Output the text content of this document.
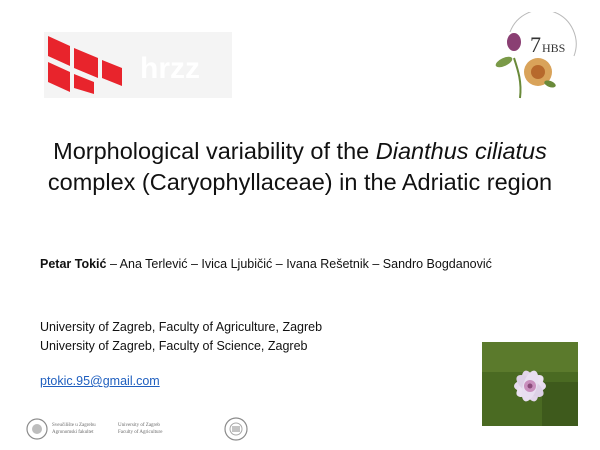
hrzz
7 HBS
Morphological variability of the Dianthus ciliatus
complex (Caryophyllaceae) in the Adriatic region
Petar Tokić – Ana Terlević – Ivica Ljubičić – Ivana Rešetnik – Sandro Bogdanović
University of Zagreb, Faculty of Agriculture, Zagreb
University of Zagreb, Faculty of Science, Zagreb
ptokic.95@gmail.com
Sveučilište u Zagrebu
Agronomski fakultet
University of Zagreb
Faculty of Agriculture
